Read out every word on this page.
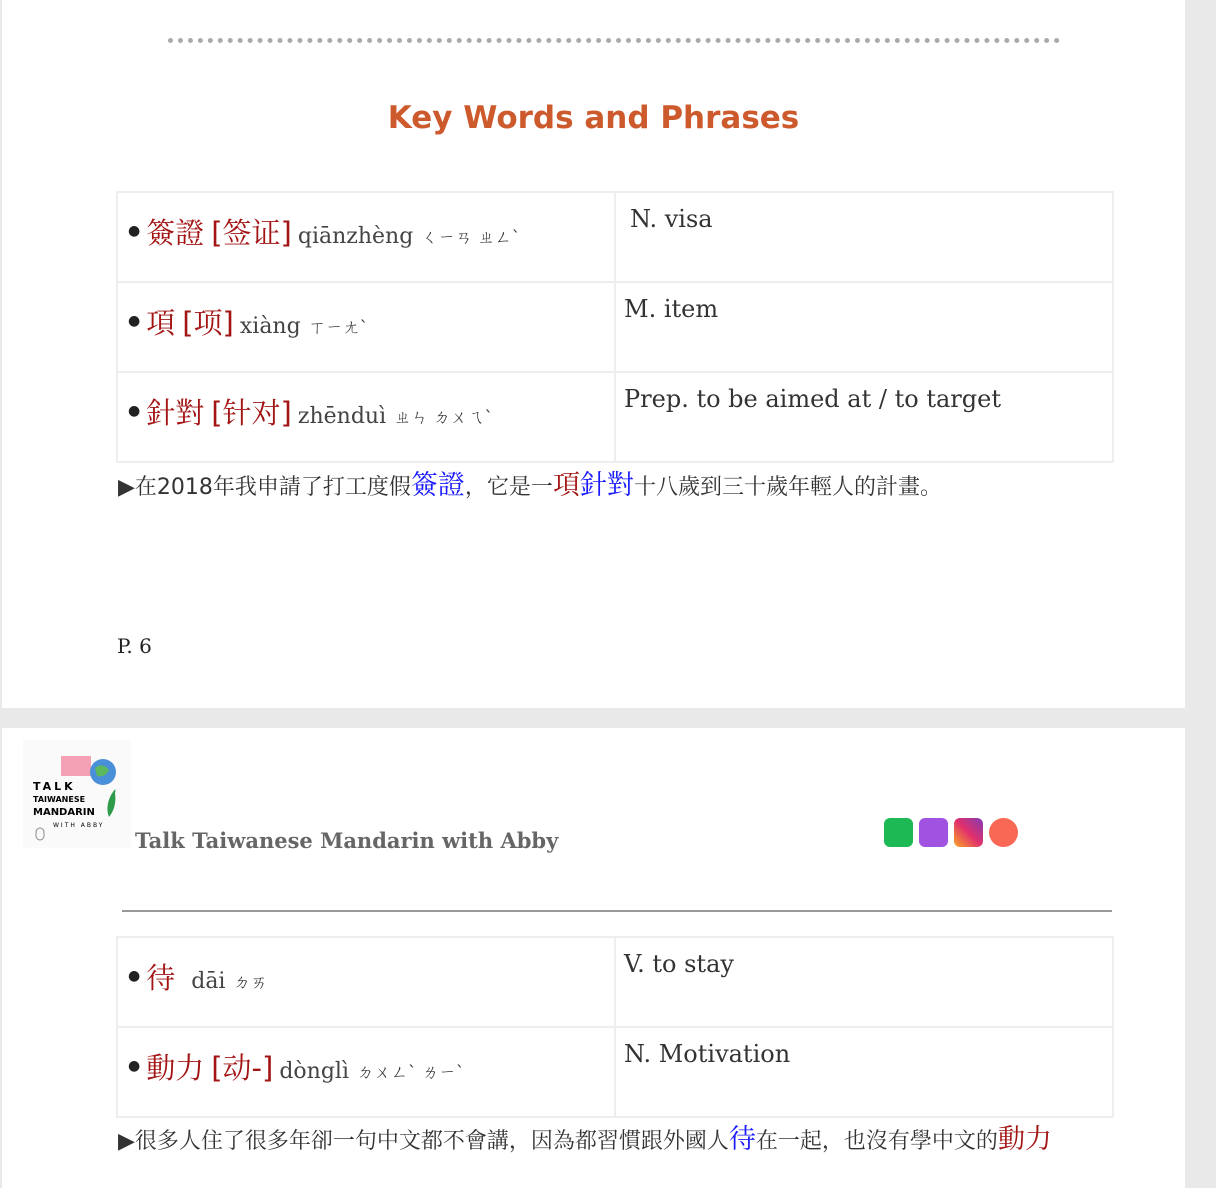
Key Words and Phrases
● 簽證 [签证] qiānzhèng ㄑㄧㄢ ㄓㄥˋ	N. visa

● 項 [项] xiàng ㄒㄧㄤˋ	M. item

● 針對 [针对] zhēnduì ㄓㄣ ㄉㄨㄟˋ	Prep. to be aimed at / to target
▶在2018年我申請了打工度假簽證，它是一項針對十八歲到三十歲年輕人的計畫。
P. 6
TALK
TAIWANESE
MANDARIN
WITH ABBY
Talk Taiwanese Mandarin with Abby
● 待 dāi ㄉㄞ	V. to stay

● 動力 [动-] dònglì ㄉㄨㄥˋ ㄌㄧˋ	N. Motivation
▶很多人住了很多年卻一句中文都不會講，因為都習慣跟外國人待在一起，也沒有學中文的動力
